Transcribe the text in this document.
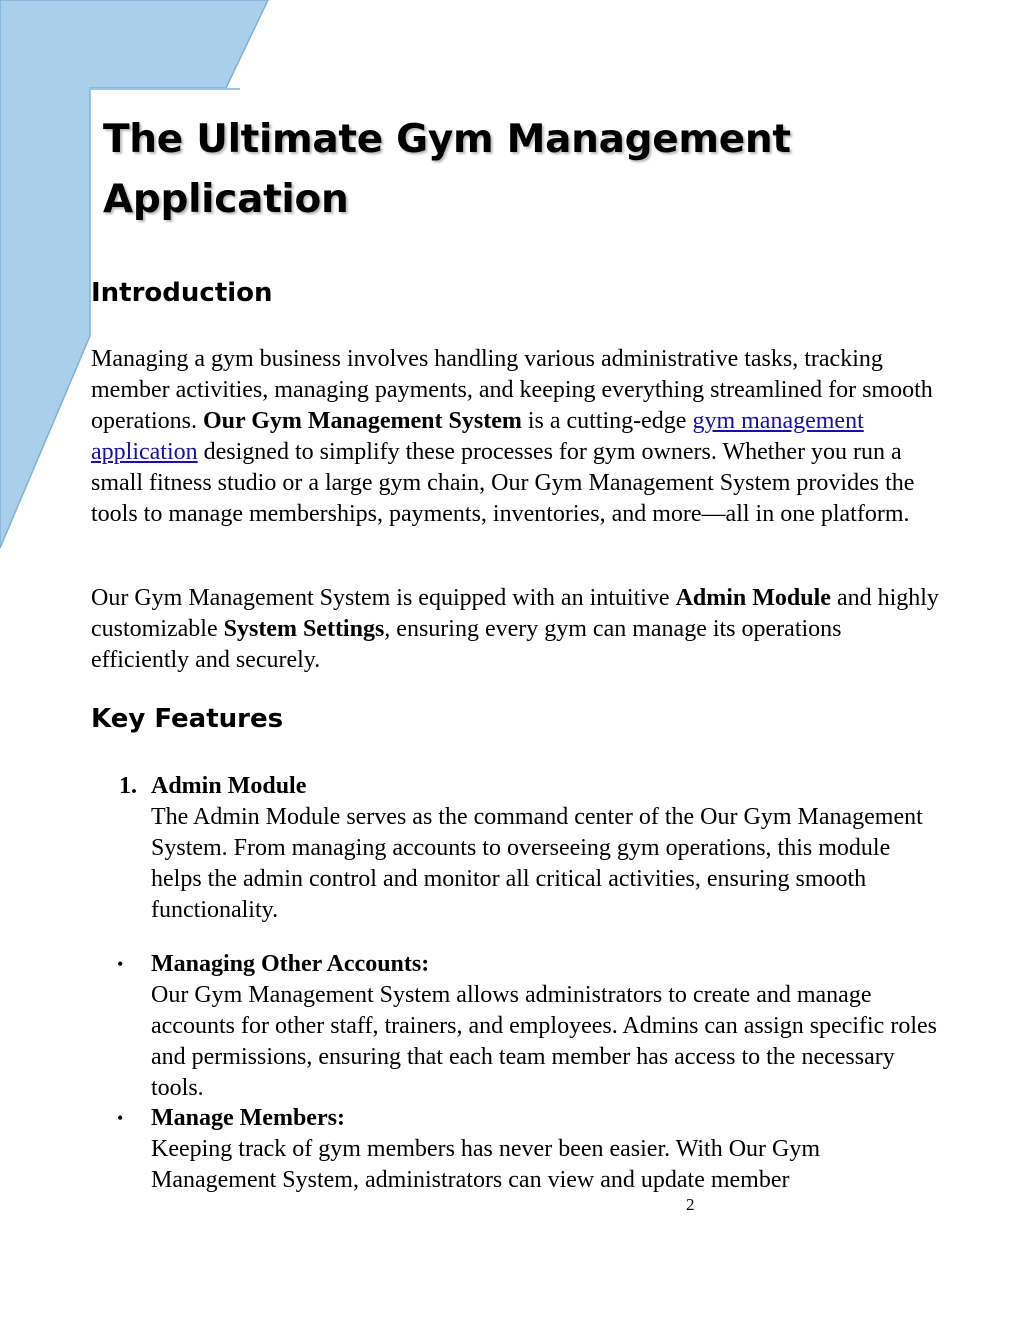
The Ultimate Gym Management Application
Introduction

Managing a gym business involves handling various administrative tasks, tracking member activities, managing payments, and keeping everything streamlined for smooth operations. Our Gym Management System is a cutting-edge gym management application designed to simplify these processes for gym owners. Whether you run a small fitness studio or a large gym chain, Our Gym Management System provides the tools to manage memberships, payments, inventories, and more—all in one platform.

Our Gym Management System is equipped with an intuitive Admin Module and highly customizable System Settings, ensuring every gym can manage its operations efficiently and securely.

Key Features
1. Admin Module
The Admin Module serves as the command center of the Our Gym Management System. From managing accounts to overseeing gym operations, this module helps the admin control and monitor all critical activities, ensuring smooth functionality.
• Managing Other Accounts:
Our Gym Management System allows administrators to create and manage accounts for other staff, trainers, and employees. Admins can assign specific roles and permissions, ensuring that each team member has access to the necessary tools.
• Manage Members:
Keeping track of gym members has never been easier. With Our Gym Management System, administrators can view and update member
2
